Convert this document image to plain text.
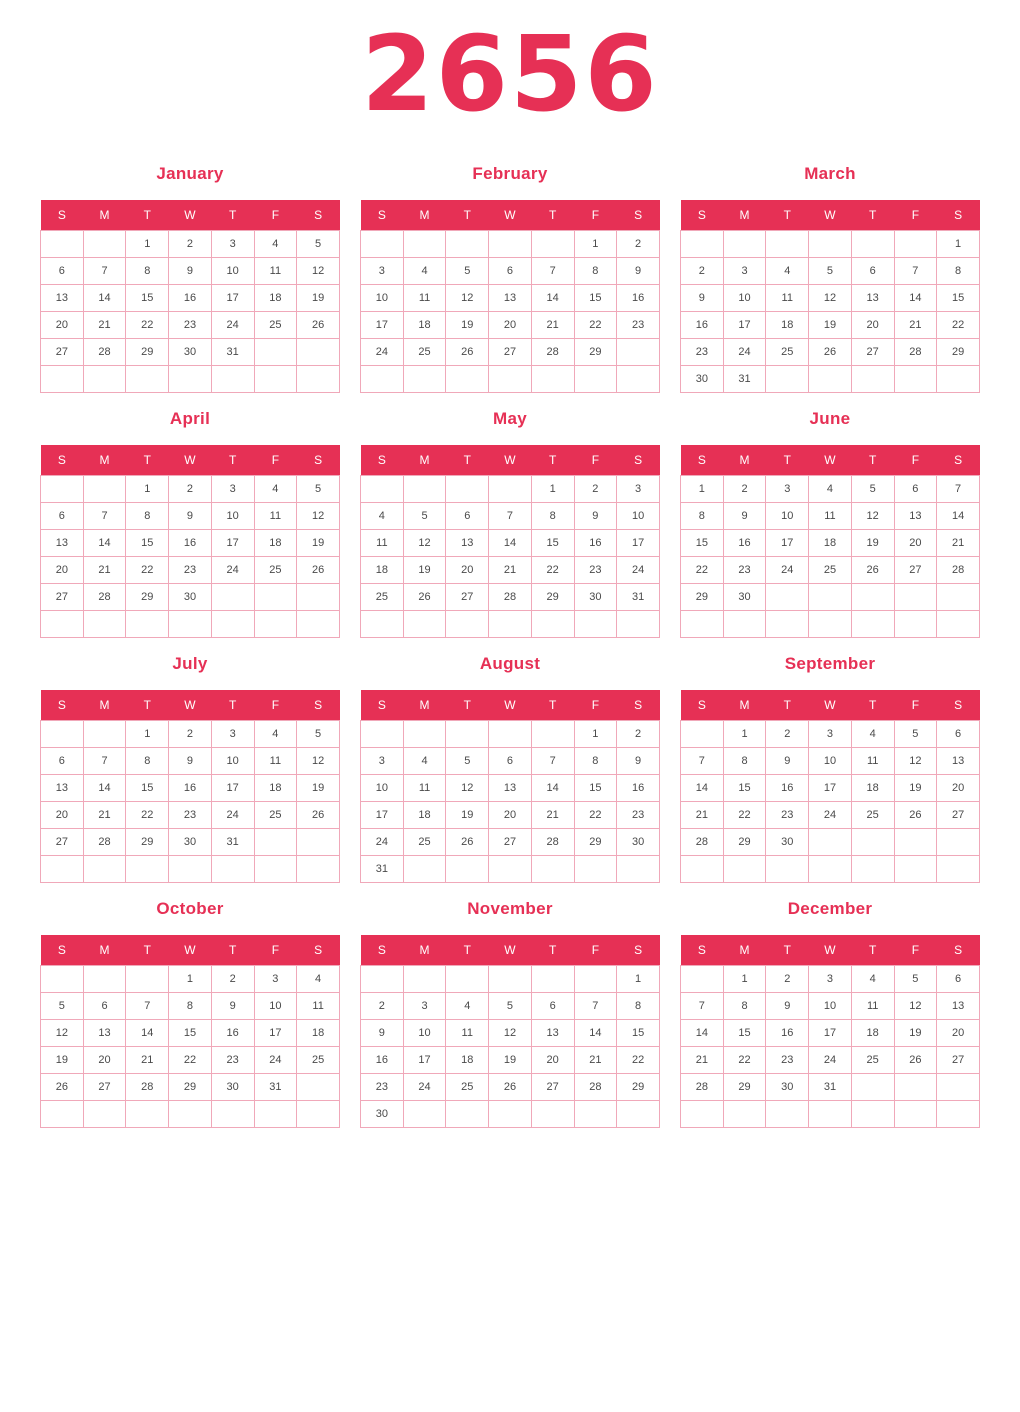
2656
January
S	M	T	W	T	F	S
		1	2	3	4	5
6	7	8	9	10	11	12
13	14	15	16	17	18	19
20	21	22	23	24	25	26
27	28	29	30	31		

February
S	M	T	W	T	F	S
					1	2
3	4	5	6	7	8	9
10	11	12	13	14	15	16
17	18	19	20	21	22	23
24	25	26	27	28	29	

March
S	M	T	W	T	F	S
						1
2	3	4	5	6	7	8
9	10	11	12	13	14	15
16	17	18	19	20	21	22
23	24	25	26	27	28	29
30	31					
April
S	M	T	W	T	F	S
		1	2	3	4	5
6	7	8	9	10	11	12
13	14	15	16	17	18	19
20	21	22	23	24	25	26
27	28	29	30			

May
S	M	T	W	T	F	S
				1	2	3
4	5	6	7	8	9	10
11	12	13	14	15	16	17
18	19	20	21	22	23	24
25	26	27	28	29	30	31

June
S	M	T	W	T	F	S
1	2	3	4	5	6	7
8	9	10	11	12	13	14
15	16	17	18	19	20	21
22	23	24	25	26	27	28
29	30					

July
S	M	T	W	T	F	S
		1	2	3	4	5
6	7	8	9	10	11	12
13	14	15	16	17	18	19
20	21	22	23	24	25	26
27	28	29	30	31		

August
S	M	T	W	T	F	S
					1	2
3	4	5	6	7	8	9
10	11	12	13	14	15	16
17	18	19	20	21	22	23
24	25	26	27	28	29	30
31						
September
S	M	T	W	T	F	S
	1	2	3	4	5	6
7	8	9	10	11	12	13
14	15	16	17	18	19	20
21	22	23	24	25	26	27
28	29	30				

October
S	M	T	W	T	F	S
			1	2	3	4
5	6	7	8	9	10	11
12	13	14	15	16	17	18
19	20	21	22	23	24	25
26	27	28	29	30	31	

November
S	M	T	W	T	F	S
						1
2	3	4	5	6	7	8
9	10	11	12	13	14	15
16	17	18	19	20	21	22
23	24	25	26	27	28	29
30						
December
S	M	T	W	T	F	S
	1	2	3	4	5	6
7	8	9	10	11	12	13
14	15	16	17	18	19	20
21	22	23	24	25	26	27
28	29	30	31			
